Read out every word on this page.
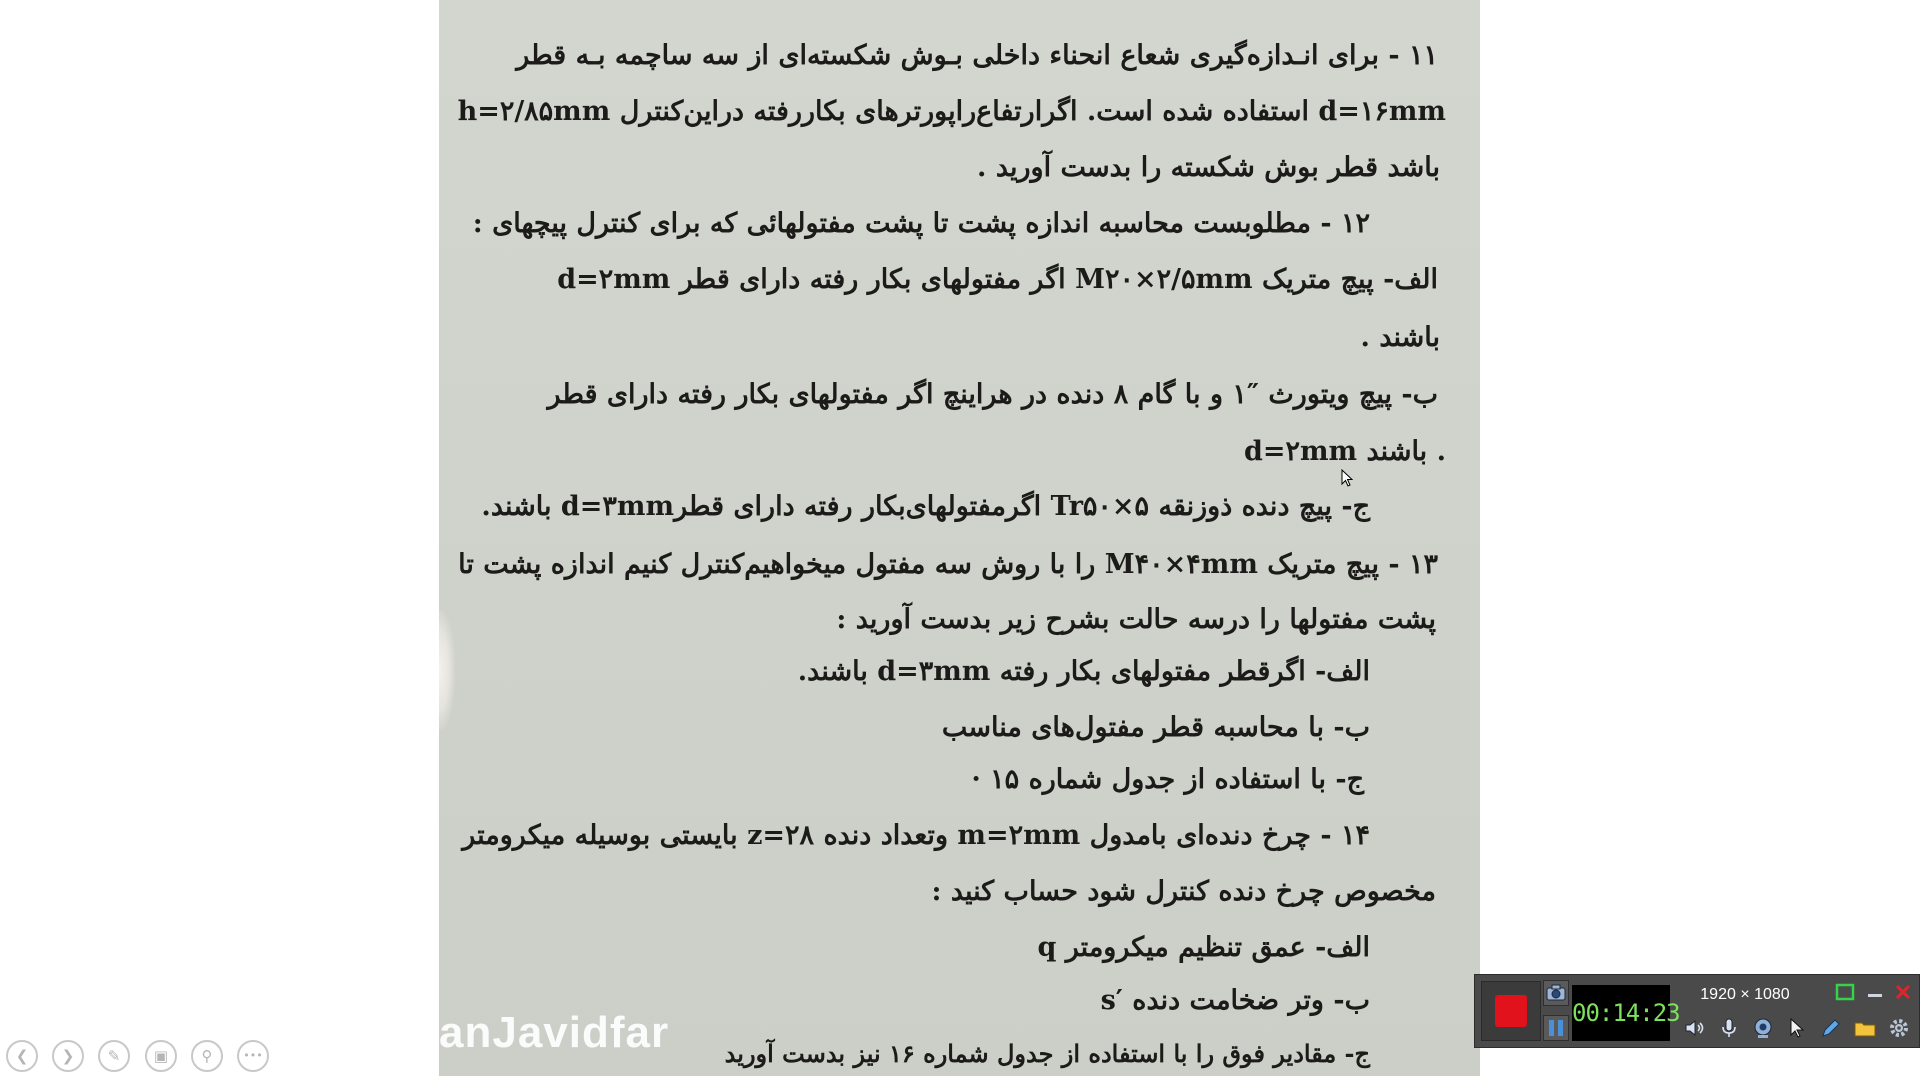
۱۱ - برای انـدازه‌گیری شعاع انحناء داخلی بـوش شکسته‌ای از سه ساچمه بـه قطر
h=۲/۸۵mm استفاده شده است. اگرارتفاع‌راپورترهای بکاررفته دراین‌کنترل d=۱۶mm
باشد قطر بوش شکسته را بدست آورید .
۱۲ - مطلوبست محاسبه اندازه پشت تا پشت مفتولهائی که برای کنترل پیچهای :
الف- پیچ متریک M۲۰×۲/۵mm اگر مفتولهای بکار رفته دارای قطر d=۲mm
باشند .
ب- پیچ ویتورث ″۱ و با گام ۸ دنده در هراینچ اگر مفتولهای بکار رفته دارای قطر
d=۲mm باشند .
ج- پیچ دنده ذوزنقه Tr۵۰×۵ اگرمفتولهای‌بکار رفته دارای قطرd=۳mm باشند.
۱۳ - پیچ متریک M۴۰×۴mm را با روش سه مفتول میخواهیم‌کنترل کنیم اندازه پشت تا
پشت مفتولها را درسه حالت بشرح زیر بدست آورید :
الف- اگرقطر مفتولهای بکار رفته d=۳mm باشند.
ب- با محاسبه قطر مفتول‌های مناسب
ج- با استفاده از جدول شماره ۱۵ ·
۱۴ - چرخ دنده‌ای بامدول m=۲mm وتعداد دنده z=۲۸ بایستی بوسیله میکرومتر
مخصوص چرخ دنده کنترل شود حساب کنید :
الف- عمق تنظیم میکرومتر q
ب- وتر ضخامت دنده ′s
ج- مقادیر فوق را با استفاده از جدول شماره ۱۶ نیز بدست آورید
anJavidfar
❮	❯	✎	▣	⚲	•••
00:14:23
1920 × 1080
